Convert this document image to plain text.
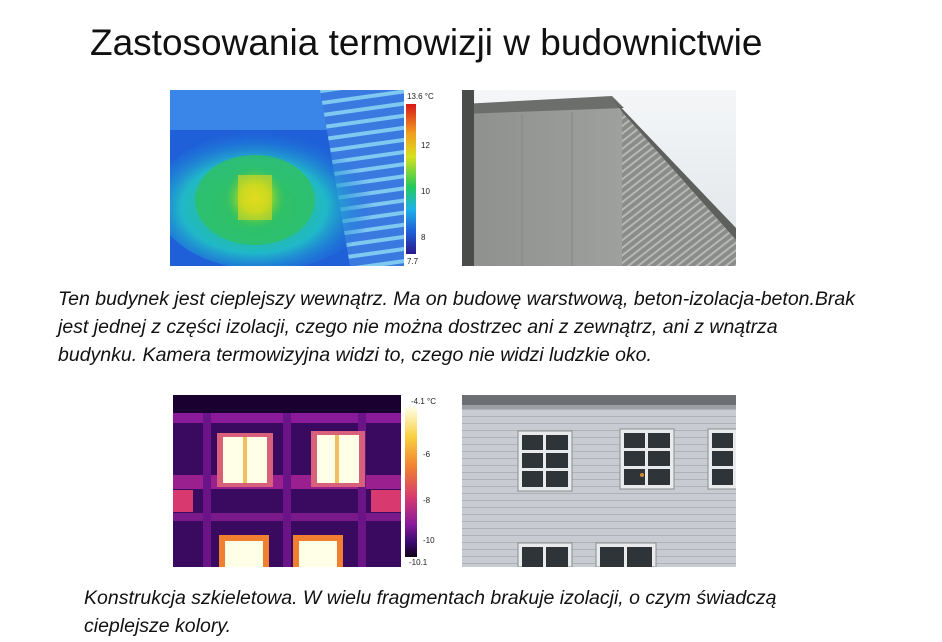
Zastosowania termowizji w budownictwie
13.6 °C
12
10
8
7.7
Ten budynek jest cieplejszy wewnątrz. Ma on budowę warstwową, beton-izolacja-beton.Brak jest jednej z części izolacji, czego nie można dostrzec ani z zewnątrz, ani z wnątrza budynku. Kamera termowizyjna widzi to, czego nie widzi ludzkie oko.
-4.1 °C
-6
-8
-10
-10.1
Konstrukcja szkieletowa. W wielu fragmentach brakuje izolacji, o czym świadczą cieplejsze kolory.
